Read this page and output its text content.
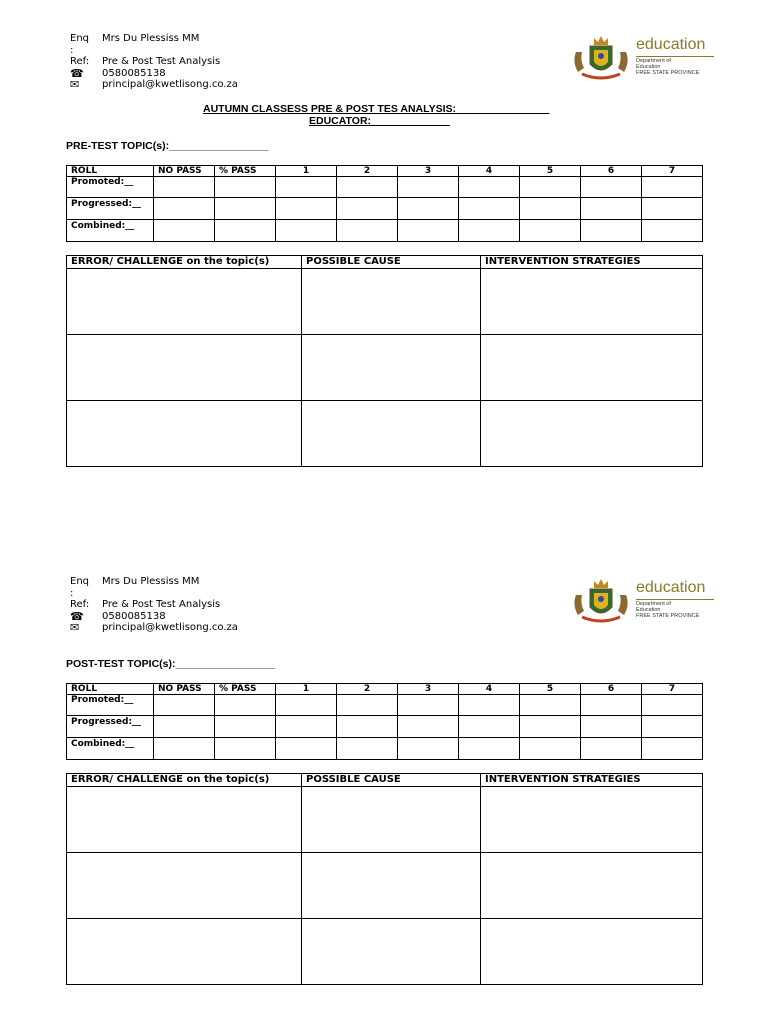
Enq	Mrs Du Plessiss MM
:
Ref:	Pre & Post Test Analysis
☎	0580085138
✉	principal@kwetlisong.co.za
education
Department of
Education
FREE STATE PROVINCE
AUTUMN CLASSESS PRE & POST TES ANALYSIS:________________
EDUCATOR: _____________
PRE-TEST TOPIC(s):_________________
ROLL	NO PASS	% PASS	1	2	3	4	5	6	7
Promoted:__									
Progressed:__									
Combined:__									
ERROR/ CHALLENGE on the topic(s)	POSSIBLE CAUSE	INTERVENTION STRATEGIES

Enq	Mrs Du Plessiss MM
:
Ref:	Pre & Post Test Analysis
☎	0580085138
✉	principal@kwetlisong.co.za
education
Department of
Education
FREE STATE PROVINCE
POST-TEST TOPIC(s):_________________
ROLL	NO PASS	% PASS	1	2	3	4	5	6	7
Promoted:__									
Progressed:__									
Combined:__									
ERROR/ CHALLENGE on the topic(s)	POSSIBLE CAUSE	INTERVENTION STRATEGIES
